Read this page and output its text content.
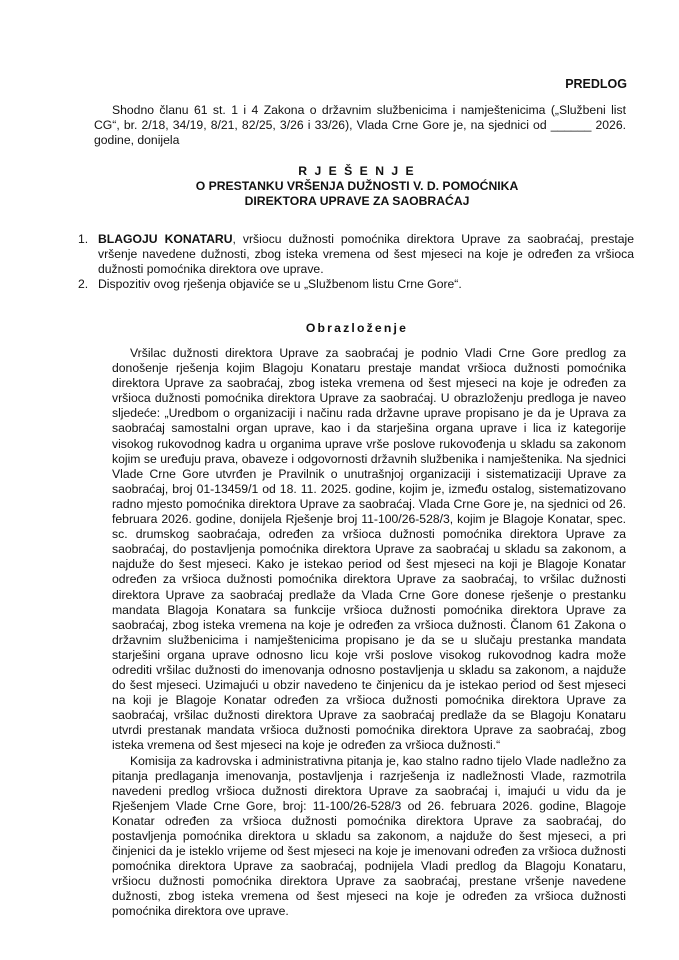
PREDLOG
Shodno članu 61 st. 1 i 4 Zakona o državnim službenicima i namještenicima („Službeni list CG“, br. 2/18, 34/19, 8/21, 82/25, 3/26 i 33/26), Vlada Crne Gore je, na sjednici od ______ 2026. godine, donijela
R J E Š E N J E
O PRESTANKU VRŠENJA DUŽNOSTI V. D. POMOĆNIKA
DIREKTORA UPRAVE ZA SAOBRAĆAJ
1. BLAGOJU KONATARU, vršiocu dužnosti pomoćnika direktora Uprave za saobraćaj, prestaje vršenje navedene dužnosti, zbog isteka vremena od šest mjeseci na koje je određen za vršioca dužnosti pomoćnika direktora ove uprave.
2. Dispozitiv ovog rješenja objaviće se u „Službenom listu Crne Gore“.
Obrazloženje

Vršilac dužnosti direktora Uprave za saobraćaj je podnio Vladi Crne Gore predlog za donošenje rješenja kojim Blagoju Konataru prestaje mandat vršioca dužnosti pomoćnika direktora Uprave za saobraćaj, zbog isteka vremena od šest mjeseci na koje je određen za vršioca dužnosti pomoćnika direktora Uprave za saobraćaj. U obrazloženju predloga je naveo sljedeće: „Uredbom o organizaciji i načinu rada državne uprave propisano je da je Uprava za saobraćaj samostalni organ uprave, kao i da starješina organa uprave i lica iz kategorije visokog rukovodnog kadra u organima uprave vrše poslove rukovođenja u skladu sa zakonom kojim se uređuju prava, obaveze i odgovornosti državnih službenika i namještenika. Na sjednici Vlade Crne Gore utvrđen je Pravilnik o unutrašnjoj organizaciji i sistematizaciji Uprave za saobraćaj, broj 01-13459/1 od 18. 11. 2025. godine, kojim je, između ostalog, sistematizovano radno mjesto pomoćnika direktora Uprave za saobraćaj. Vlada Crne Gore je, na sjednici od 26. februara 2026. godine, donijela Rješenje broj 11-100/26-528/3, kojim je Blagoje Konatar, spec. sc. drumskog saobraćaja, određen za vršioca dužnosti pomoćnika direktora Uprave za saobraćaj, do postavljenja pomoćnika direktora Uprave za saobraćaj u skladu sa zakonom, a najduže do šest mjeseci. Kako je istekao period od šest mjeseci na koji je Blagoje Konatar određen za vršioca dužnosti pomoćnika direktora Uprave za saobraćaj, to vršilac dužnosti direktora Uprave za saobraćaj predlaže da Vlada Crne Gore donese rješenje o prestanku mandata Blagoja Konatara sa funkcije vršioca dužnosti pomoćnika direktora Uprave za saobraćaj, zbog isteka vremena na koje je određen za vršioca dužnosti. Članom 61 Zakona o državnim službenicima i namještenicima propisano je da se u slučaju prestanka mandata starješini organa uprave odnosno licu koje vrši poslove visokog rukovodnog kadra može odrediti vršilac dužnosti do imenovanja odnosno postavljenja u skladu sa zakonom, a najduže do šest mjeseci. Uzimajući u obzir navedeno te činjenicu da je istekao period od šest mjeseci na koji je Blagoje Konatar određen za vršioca dužnosti pomoćnika direktora Uprave za saobraćaj, vršilac dužnosti direktora Uprave za saobraćaj predlaže da se Blagoju Konataru utvrdi prestanak mandata vršioca dužnosti pomoćnika direktora Uprave za saobraćaj, zbog isteka vremena od šest mjeseci na koje je određen za vršioca dužnosti.“

Komisija za kadrovska i administrativna pitanja je, kao stalno radno tijelo Vlade nadležno za pitanja predlaganja imenovanja, postavljenja i razrješenja iz nadležnosti Vlade, razmotrila navedeni predlog vršioca dužnosti direktora Uprave za saobraćaj i, imajući u vidu da je Rješenjem Vlade Crne Gore, broj: 11-100/26-528/3 od 26. februara 2026. godine, Blagoje Konatar određen za vršioca dužnosti pomoćnika direktora Uprave za saobraćaj, do postavljenja pomoćnika direktora u skladu sa zakonom, a najduže do šest mjeseci, a pri činjenici da je isteklo vrijeme od šest mjeseci na koje je imenovani određen za vršioca dužnosti pomoćnika direktora Uprave za saobraćaj, podnijela Vladi predlog da Blagoju Konataru, vršiocu dužnosti pomoćnika direktora Uprave za saobraćaj, prestane vršenje navedene dužnosti, zbog isteka vremena od šest mjeseci na koje je određen za vršioca dužnosti pomoćnika direktora ove uprave.
